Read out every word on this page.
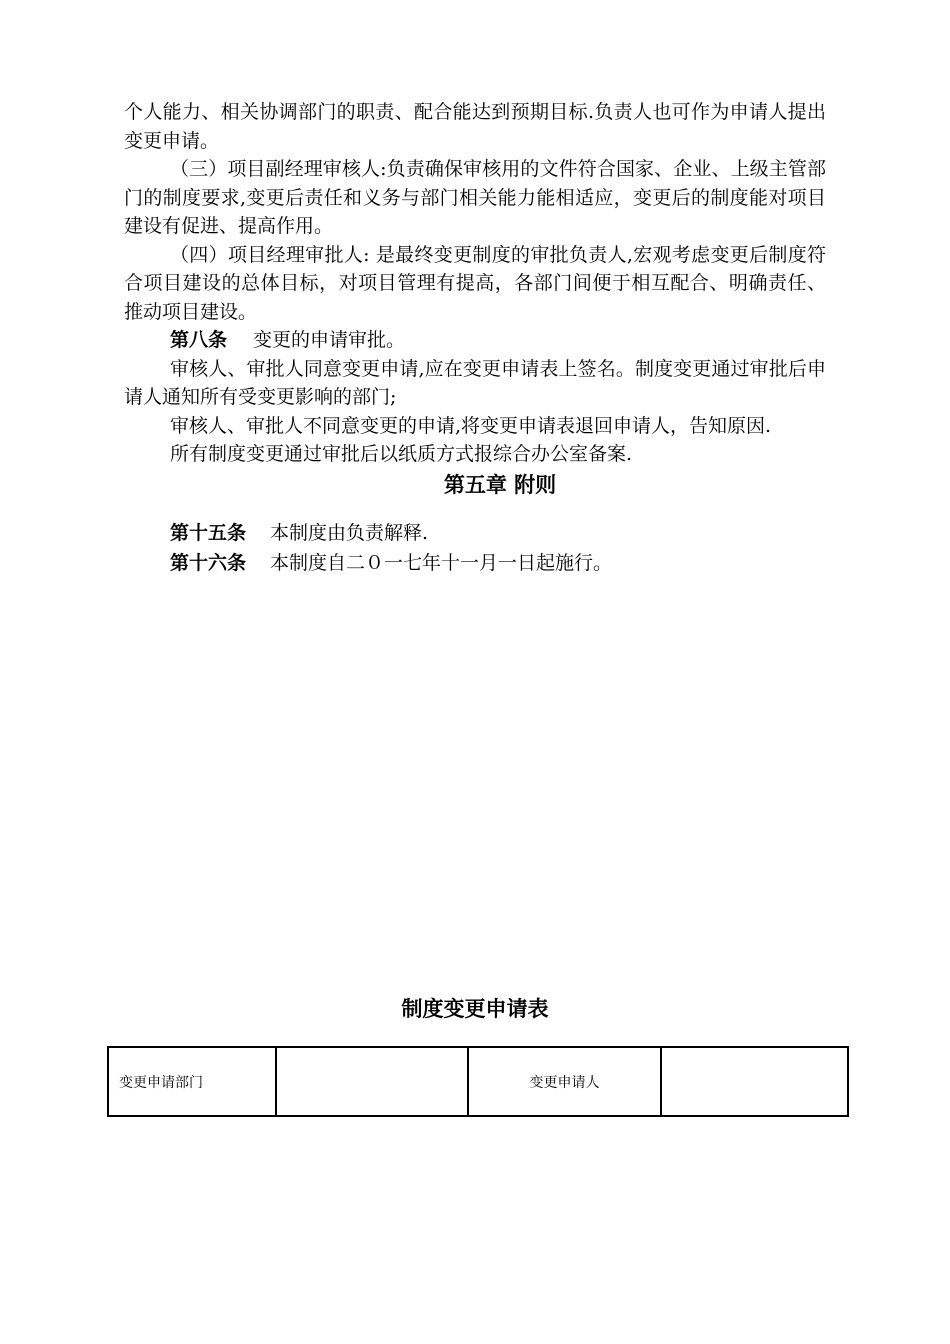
个人能力、相关协调部门的职责、配合能达到预期目标.负责人也可作为申请人提出变更申请。

（三）项目副经理审核人:负责确保审核用的文件符合国家、企业、上级主管部门的制度要求,变更后责任和义务与部门相关能力能相适应，变更后的制度能对项目建设有促进、提高作用。

（四）项目经理审批人: 是最终变更制度的审批负责人,宏观考虑变更后制度符合项目建设的总体目标，对项目管理有提高，各部门间便于相互配合、明确责任、推动项目建设。

第八条 变更的申请审批。

审核人、审批人同意变更申请,应在变更申请表上签名。制度变更通过审批后申请人通知所有受变更影响的部门;

审核人、审批人不同意变更的申请,将变更申请表退回申请人，告知原因.

所有制度变更通过审批后以纸质方式报综合办公室备案.

第五章 附则

第十五条 本制度由负责解释.

第十六条 本制度自二０一七年十一月一日起施行。

制度变更申请表
变更申请部门		变更申请人	
